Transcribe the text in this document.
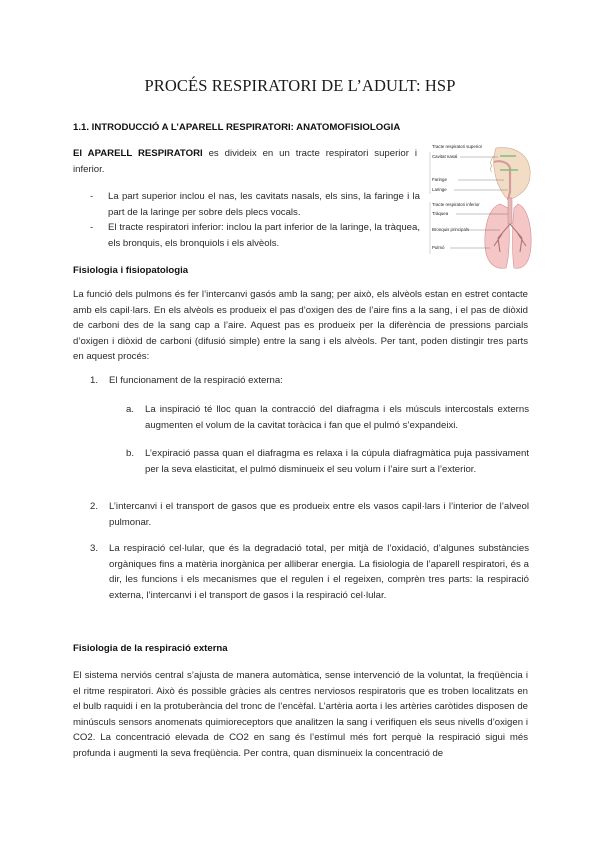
PROCÉS RESPIRATORI DE L’ADULT: HSP
1.1. INTRODUCCIÓ A L’APARELL RESPIRATORI: ANATOMOFISIOLOGIA
El APARELL RESPIRATORI es divideix en un tracte respiratori superior i inferior.
- La part superior inclou el nas, les cavitats nasals, els sins, la faringe i la part de la laringe per sobre dels plecs vocals.
- El tracte respiratori inferior: inclou la part inferior de la laringe, la tràquea, els bronquis, els bronquiols i els alvèols.
Tracte respiratori superior
Cavitat nasal
Faringe
Laringe
Tracte respiratori inferior
Tràquea
Bronquis principals
Pulmó
Fisiologia i fisiopatologia
La funció dels pulmons és fer l’intercanvi gasós amb la sang; per això, els alvèols estan en estret contacte amb els capil·lars. En els alvèols es produeix el pas d’oxigen des de l’aire fins a la sang, i el pas de diòxid de carboni des de la sang cap a l’aire. Aquest pas es produeix per la diferència de pressions parcials d’oxigen i diòxid de carboni (difusió simple) entre la sang i els alvèols. Per tant, poden distingir tres parts en aquest procés:
1. El funcionament de la respiració externa:
a. La inspiració té lloc quan la contracció del diafragma i els músculs intercostals externs augmenten el volum de la cavitat toràcica i fan que el pulmó s’expandeixi.
b. L’expiració passa quan el diafragma es relaxa i la cúpula diafragmàtica puja passivament per la seva elasticitat, el pulmó disminueix el seu volum i l’aire surt a l’exterior.
2. L’intercanvi i el transport de gasos que es produeix entre els vasos capil·lars i l’interior de l’alveol pulmonar.
3. La respiració cel·lular, que és la degradació total, per mitjà de l’oxidació, d’algunes substàncies orgàniques fins a matèria inorgànica per alliberar energia. La fisiologia de l’aparell respiratori, és a dir, les funcions i els mecanismes que el regulen i el regeixen, comprèn tres parts: la respiració externa, l’intercanvi i el transport de gasos i la respiració cel·lular.
Fisiologia de la respiració externa
El sistema nerviós central s’ajusta de manera automàtica, sense intervenció de la voluntat, la freqüència i el ritme respiratori. Això és possible gràcies als centres nerviosos respiratoris que es troben localitzats en el bulb raquidi i en la protuberància del tronc de l’encèfal. L’artèria aorta i les artèries caròtides disposen de minúsculs sensors anomenats quimioreceptors que analitzen la sang i verifiquen els seus nivells d’oxigen i CO2. La concentració elevada de CO2 en sang és l’estímul més fort perquè la respiració sigui més profunda i augmenti la seva freqüència. Per contra, quan disminueix la concentració de
